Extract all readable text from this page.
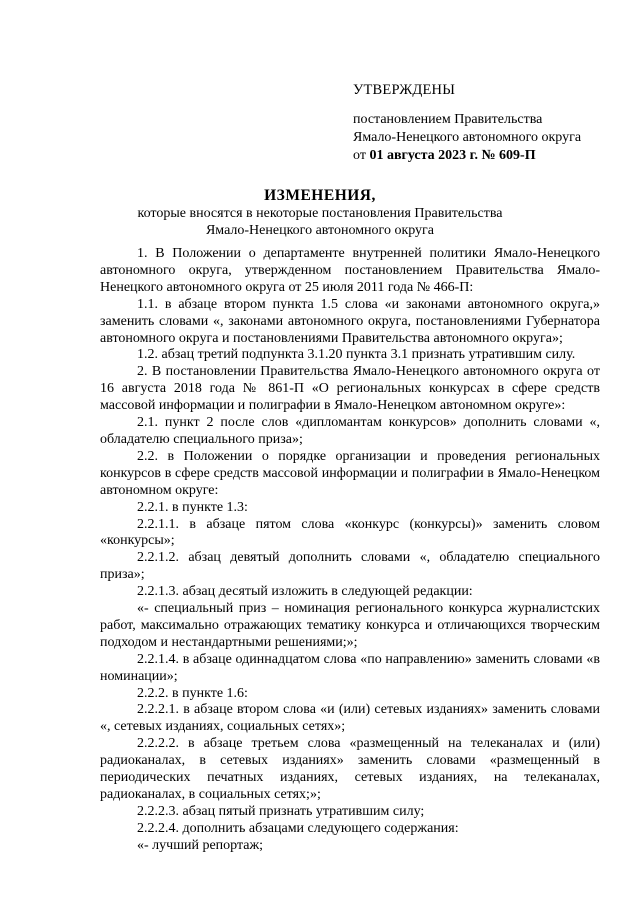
УТВЕРЖДЕНЫ
постановлением Правительства
Ямало-Ненецкого автономного округа
от 01 августа 2023 г. № 609-П
ИЗМЕНЕНИЯ,
которые вносятся в некоторые постановления Правительства
Ямало-Ненецкого автономного округа

1. В Положении о департаменте внутренней политики Ямало-Ненецкого автономного округа, утвержденном постановлением Правительства Ямало-Ненецкого автономного округа от 25 июля 2011 года № 466-П:

1.1. в абзаце втором пункта 1.5 слова «и законами автономного округа,» заменить словами «, законами автономного округа, постановлениями Губернатора автономного округа и постановлениями Правительства автономного округа»;

1.2. абзац третий подпункта 3.1.20 пункта 3.1 признать утратившим силу.

2. В постановлении Правительства Ямало-Ненецкого автономного округа от 16 августа 2018 года № 861-П «О региональных конкурсах в сфере средств массовой информации и полиграфии в Ямало-Ненецком автономном округе»:

2.1. пункт 2 после слов «дипломантам конкурсов» дополнить словами «, обладателю специального приза»;

2.2. в Положении о порядке организации и проведения региональных конкурсов в сфере средств массовой информации и полиграфии в Ямало-Ненецком автономном округе:

2.2.1. в пункте 1.3:

2.2.1.1. в абзаце пятом слова «конкурс (конкурсы)» заменить словом «конкурсы»;

2.2.1.2. абзац девятый дополнить словами «, обладателю специального приза»;

2.2.1.3. абзац десятый изложить в следующей редакции:

«- специальный приз – номинация регионального конкурса журналистских работ, максимально отражающих тематику конкурса и отличающихся творческим подходом и нестандартными решениями;»;

2.2.1.4. в абзаце одиннадцатом слова «по направлению» заменить словами «в номинации»;

2.2.2. в пункте 1.6:

2.2.2.1. в абзаце втором слова «и (или) сетевых изданиях» заменить словами «, сетевых изданиях, социальных сетях»;

2.2.2.2. в абзаце третьем слова «размещенный на телеканалах и (или) радиоканалах, в сетевых изданиях» заменить словами «размещенный в периодических печатных изданиях, сетевых изданиях, на телеканалах, радиоканалах, в социальных сетях;»;

2.2.2.3. абзац пятый признать утратившим силу;

2.2.2.4. дополнить абзацами следующего содержания:

«- лучший репортаж;
